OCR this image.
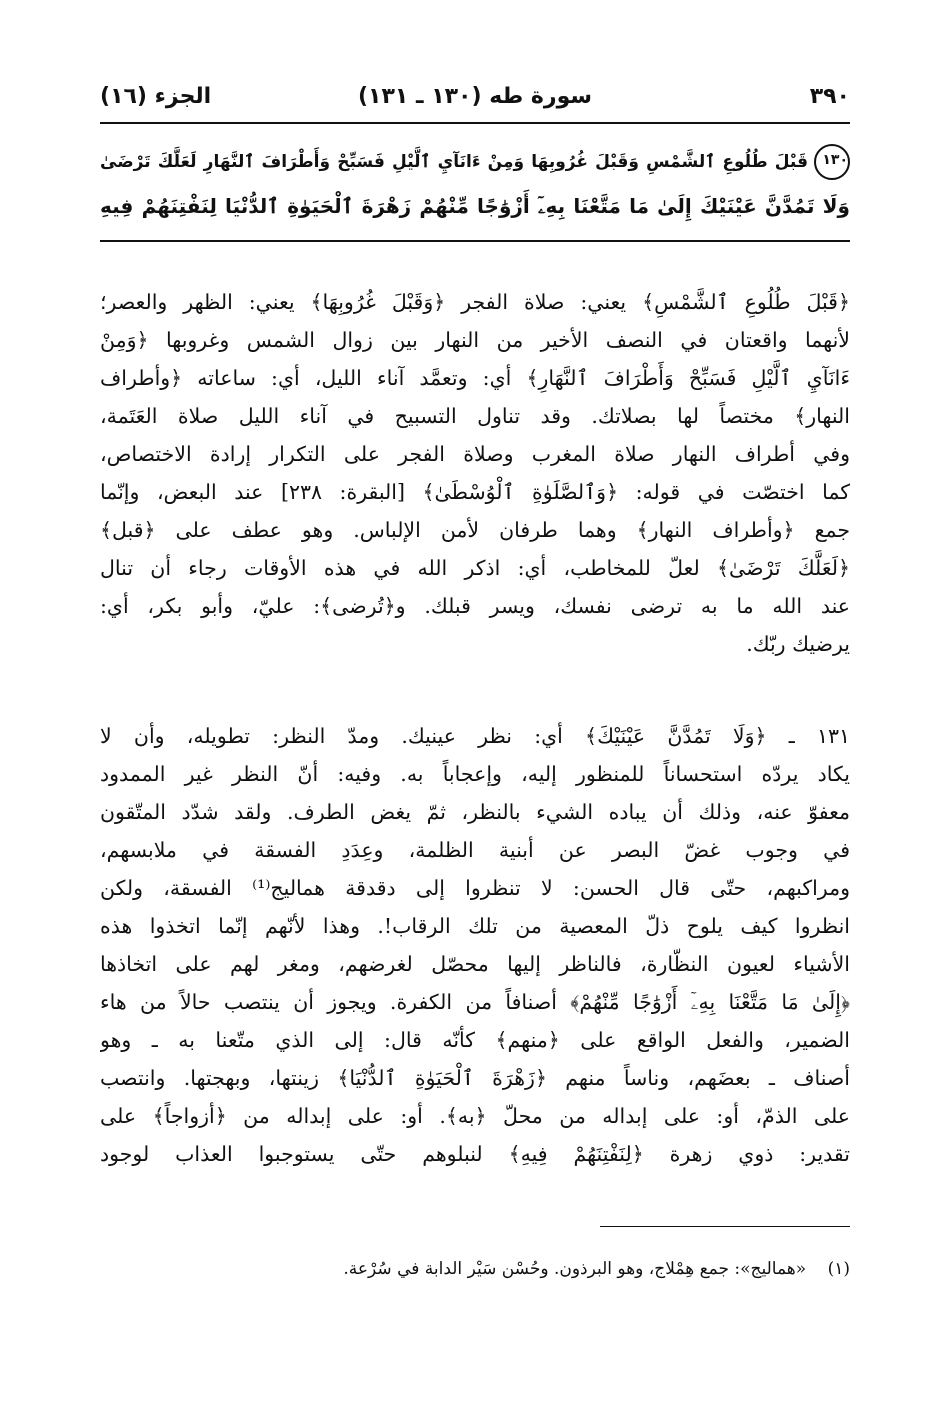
٣٩٠
سورة طه (١٣٠ ـ ١٣١)
الجزء (١٦)
١٣٠قَبْلَ طُلُوعِ ٱلشَّمْسِ وَقَبْلَ غُرُوبِهَا وَمِنْ ءَانَآيِ ٱلَّيْلِ فَسَبِّحْ وَأَطْرَافَ ٱلنَّهَارِ لَعَلَّكَ تَرْضَىٰ
وَلَا تَمُدَّنَّ عَيْنَيْكَ إِلَىٰ مَا مَتَّعْنَا بِهِۦٓ أَزْوَٰجًا مِّنْهُمْ زَهْرَةَ ٱلْحَيَوٰةِ ٱلدُّنْيَا لِنَفْتِنَهُمْ فِيهِ
﴿قَبْلَ طُلُوعِ ٱلشَّمْسِ﴾ يعني: صلاة الفجر ﴿وَقَبْلَ غُرُوبِهَا﴾ يعني: الظهر والعصر؛
لأنهما واقعتان في النصف الأخير من النهار بين زوال الشمس وغروبها ﴿وَمِنْ
ءَانَآيِ ٱلَّيْلِ فَسَبِّحْ وَأَطْرَافَ ٱلنَّهَارِ﴾ أي: وتعمَّد آناء الليل، أي: ساعاته ﴿وأطراف
النهار﴾ مختصاً لها بصلاتك. وقد تناول التسبيح في آناء الليل صلاة العَتَمة،
وفي أطراف النهار صلاة المغرب وصلاة الفجر على التكرار إرادة الاختصاص،
كما اختصّت في قوله: ﴿وَٱلصَّلَوٰةِ ٱلْوُسْطَىٰ﴾ [البقرة: ٢٣٨] عند البعض، وإنّما
جمع ﴿وأطراف النهار﴾ وهما طرفان لأمن الإلباس. وهو عطف على ﴿قبل﴾
﴿لَعَلَّكَ تَرْضَىٰ﴾ لعلّ للمخاطب، أي: اذكر الله في هذه الأوقات رجاء أن تنال
عند الله ما به ترضى نفسك، ويسر قبلك. و﴿تُرضى﴾: عليّ، وأبو بكر، أي:
يرضيك ربّك.
١٣١ ـ ﴿وَلَا تَمُدَّنَّ عَيْنَيْكَ﴾ أي: نظر عينيك. ومدّ النظر: تطويله، وأن لا
يكاد يردّه استحساناً للمنظور إليه، وإعجاباً به. وفيه: أنّ النظر غير الممدود
معفوّ عنه، وذلك أن يباده الشيء بالنظر، ثمّ يغض الطرف. ولقد شدّد المتّقون
في وجوب غضّ البصر عن أبنية الظلمة، وعِدَدِ الفسقة في ملابسهم،
ومراكبهم، حتّى قال الحسن: لا تنظروا إلى دقدقة هماليج⁽¹⁾ الفسقة، ولكن
انظروا كيف يلوح ذلّ المعصية من تلك الرقاب!. وهذا لأنّهم إنّما اتخذوا هذه
الأشياء لعيون النظّارة، فالناظر إليها محصّل لغرضهم، ومغر لهم على اتخاذها
﴿إِلَىٰ مَا مَتَّعْنَا بِهِۦٓ أَزْوَٰجًا مِّنْهُمْ﴾ أصنافاً من الكفرة. ويجوز أن ينتصب حالاً من هاء
الضمير، والفعل الواقع على ﴿منهم﴾ كأنّه قال: إلى الذي متّعنا به ـ وهو
أصناف ـ بعضَهم، وناساً منهم ﴿زَهْرَةَ ٱلْحَيَوٰةِ ٱلدُّنْيَا﴾ زينتها، وبهجتها. وانتصب
على الذمّ، أو: على إبداله من محلّ ﴿به﴾. أو: على إبداله من ﴿أزواجاً﴾ على
تقدير: ذوي زهرة ﴿لِنَفْتِنَهُمْ فِيهِ﴾ لنبلوهم حتّى يستوجبوا العذاب لوجود
(١) «هماليج»: جمع هِمْلاج، وهو البرذون. وحُسْن سَيْر الدابة في سُرْعة.
